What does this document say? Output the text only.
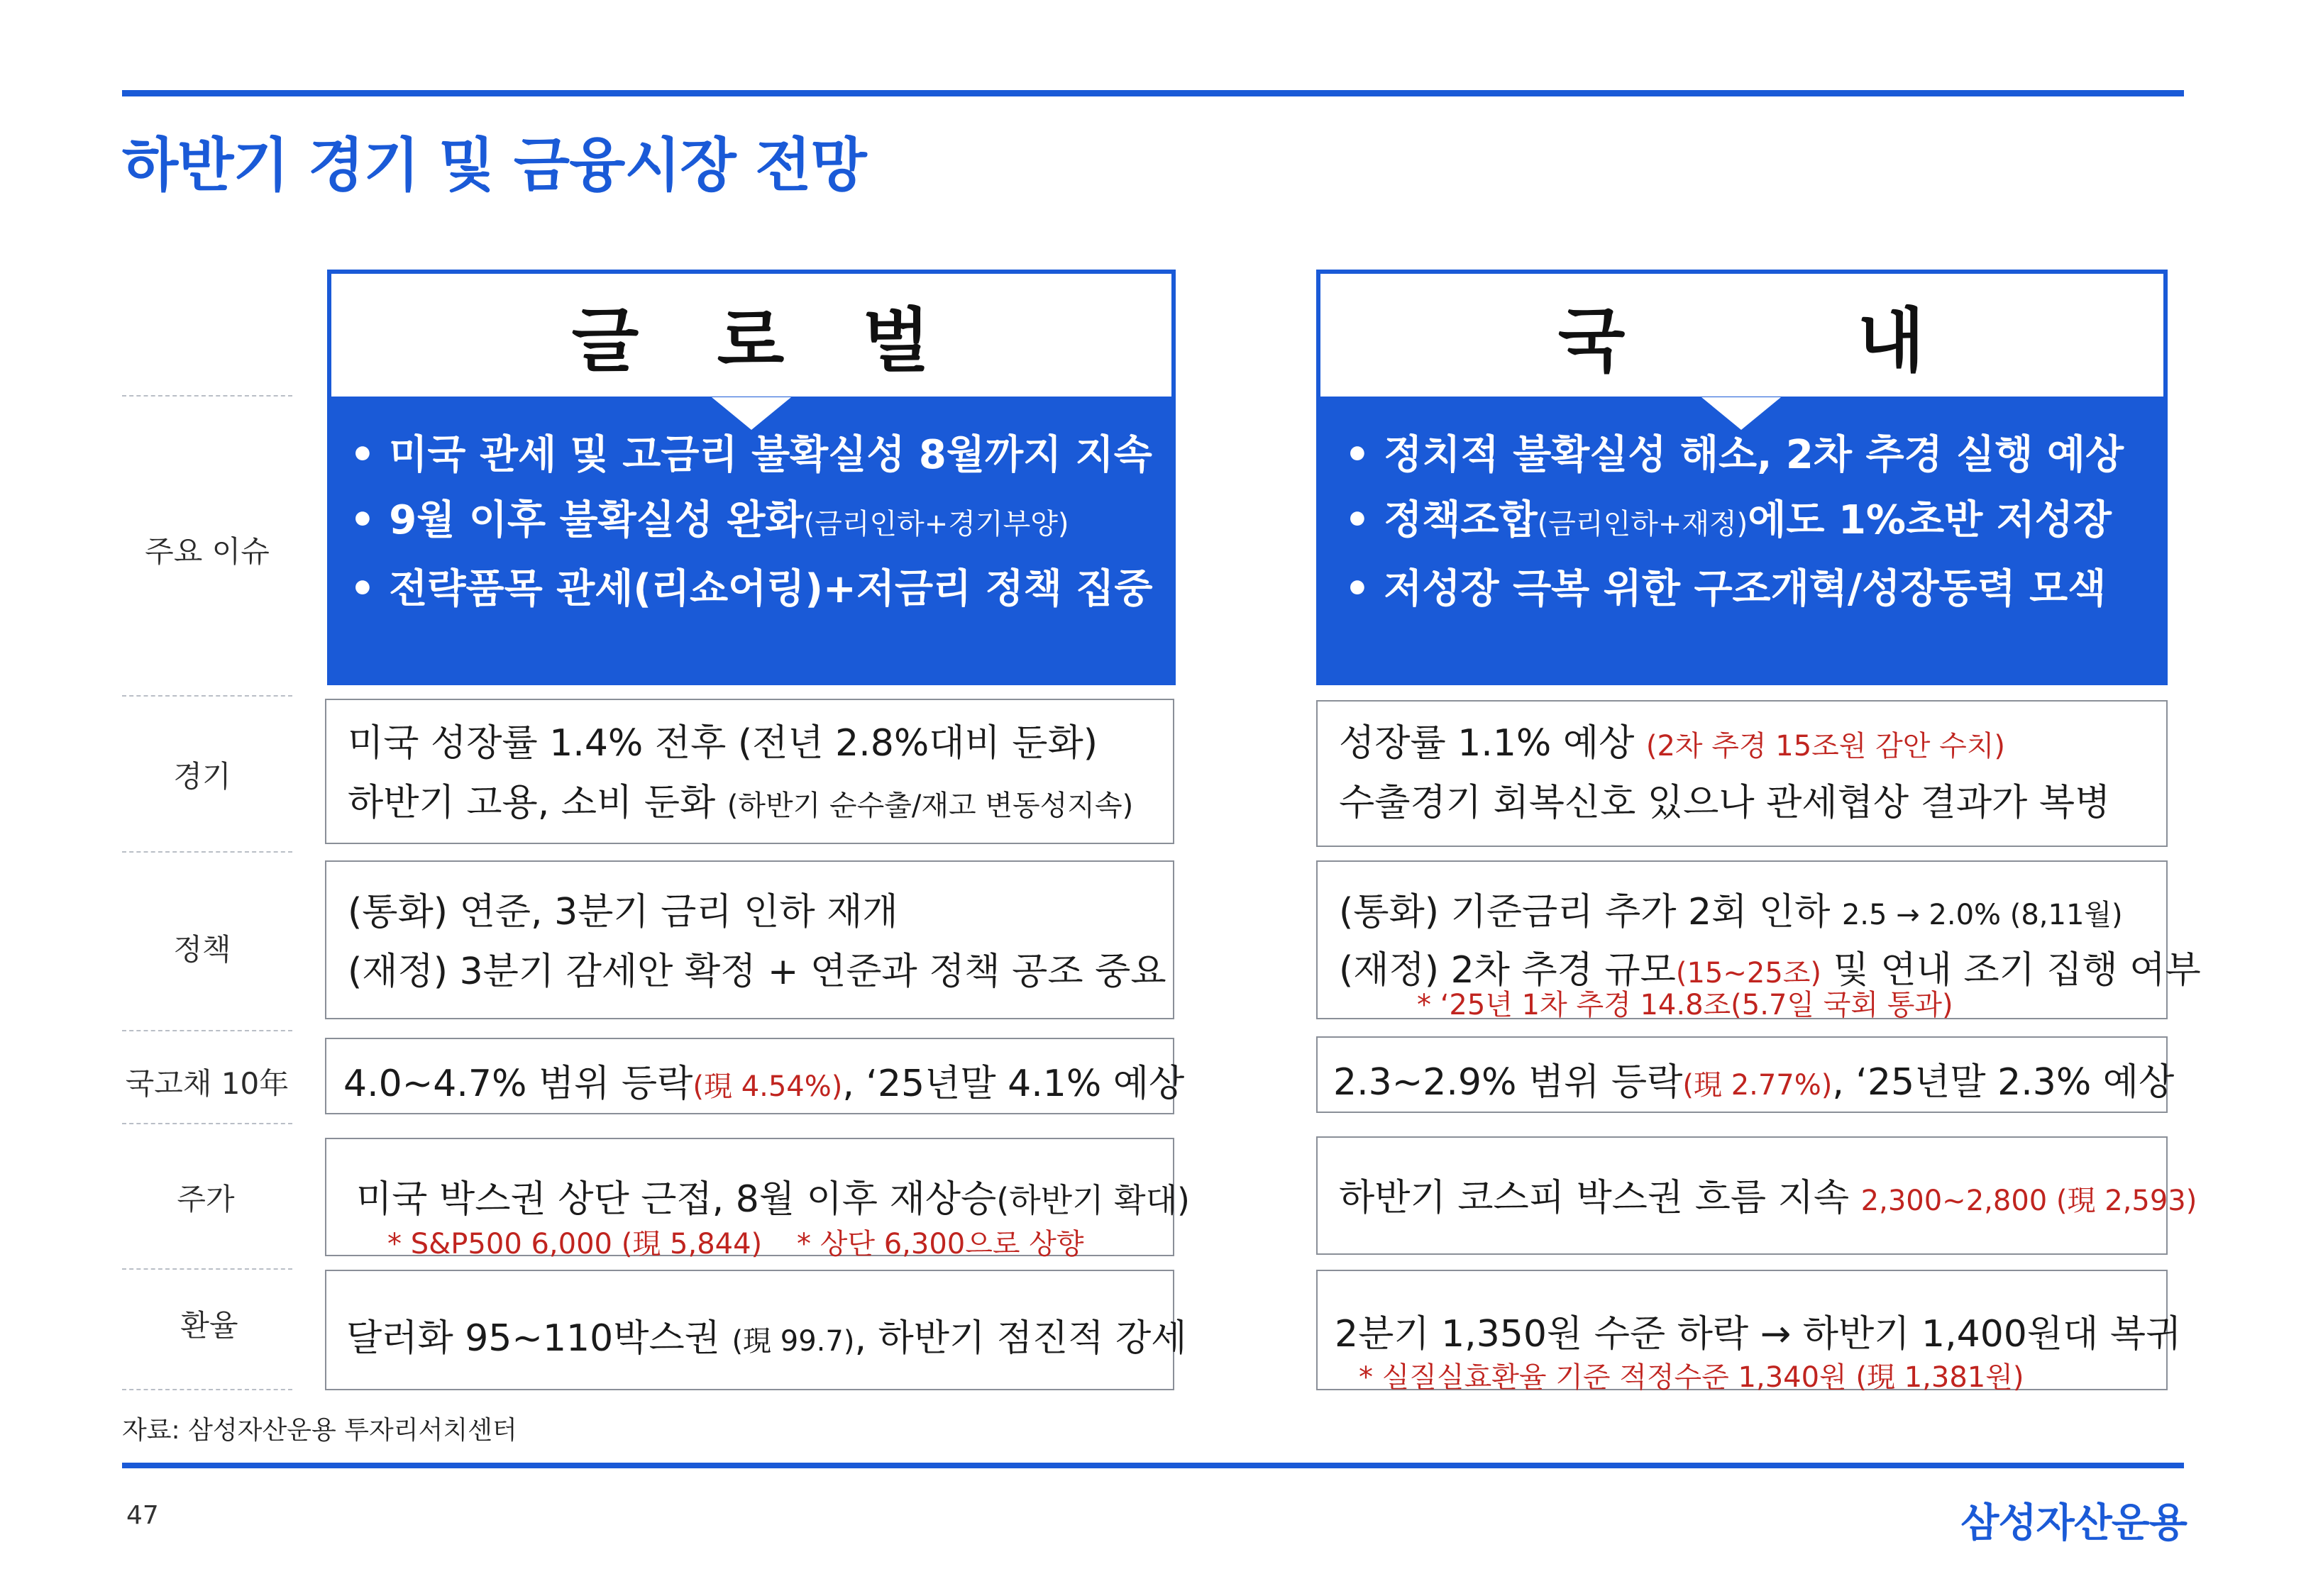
하반기 경기 및 금융시장 전망
주요 이슈
경기
정책
국고채 10年
주가
환율
글   로   벌
• 미국 관세 및 고금리 불확실성 8월까지 지속
• 9월 이후 불확실성 완화(금리인하+경기부양)
• 전략품목 관세(리쇼어링)+저금리 정책 집중
미국 성장률 1.4% 전후 (전년 2.8%대비 둔화)
하반기 고용, 소비 둔화 (하반기 순수출/재고 변동성지속)
(통화) 연준, 3분기 금리 인하 재개
(재정) 3분기 감세안 확정 + 연준과 정책 공조 중요
4.0~4.7% 범위 등락(現 4.54%), ‘25년말 4.1% 예상
미국 박스권 상단 근접, 8월 이후 재상승(하반기 확대)
* S&P500 6,000 (現 5,844) * 상단 6,300으로 상향
달러화 95~110박스권 (現 99.7), 하반기 점진적 강세
국         내
• 정치적 불확실성 해소, 2차 추경 실행 예상
• 정책조합(금리인하+재정)에도 1%초반 저성장
• 저성장 극복 위한 구조개혁/성장동력 모색
성장률 1.1% 예상 (2차 추경 15조원 감안 수치)
수출경기 회복신호 있으나 관세협상 결과가 복병
(통화) 기준금리 추가 2회 인하 2.5 → 2.0% (8,11월)
(재정) 2차 추경 규모(15~25조) 및 연내 조기 집행 여부
* ‘25년 1차 추경 14.8조(5.7일 국회 통과)
2.3~2.9% 범위 등락(現 2.77%), ‘25년말 2.3% 예상
하반기 코스피 박스권 흐름 지속 2,300~2,800 (現 2,593)
2분기 1,350원 수준 하락 → 하반기 1,400원대 복귀
* 실질실효환율 기준 적정수준 1,340원 (現 1,381원)
자료: 삼성자산운용 투자리서치센터
47	삼성자산운용
